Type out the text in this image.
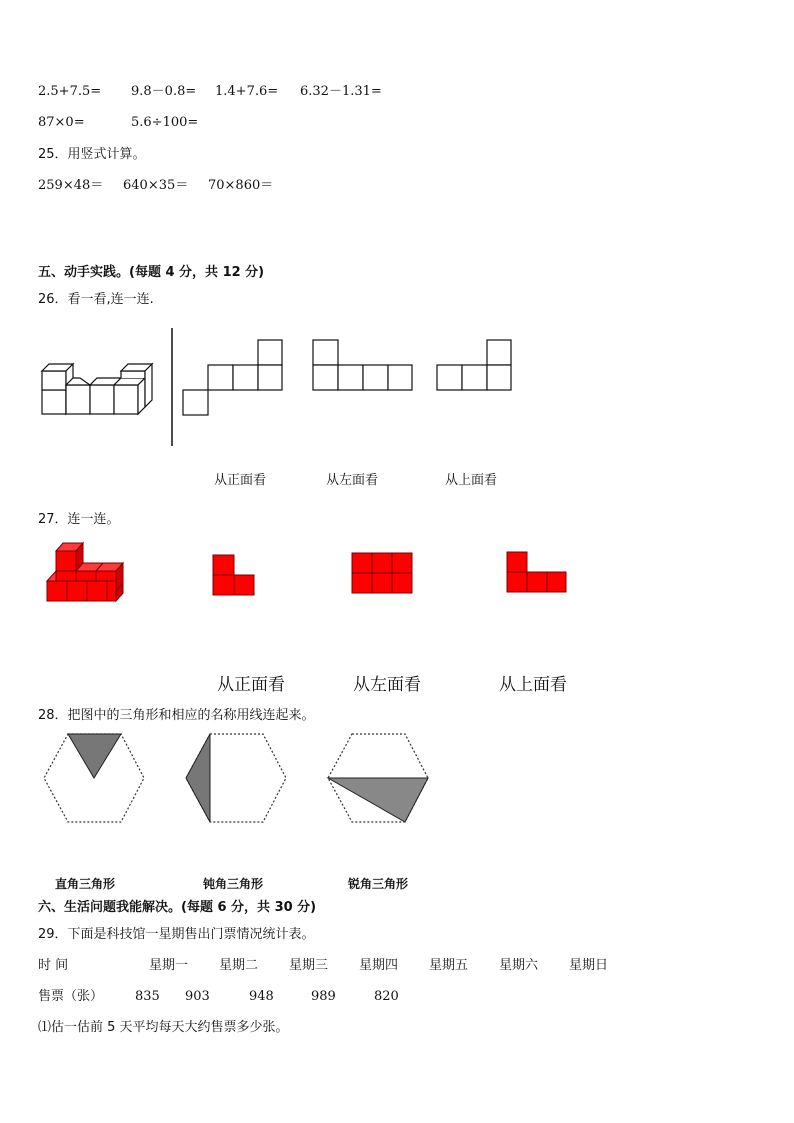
2.5+7.5= 9.8－0.8= 1.4+7.6= 6.32－1.31=
87×0=	5.6÷100=
25．用竖式计算。
259×48＝ 640×35＝ 70×860＝
五、动手实践。(每题 4 分，共 12 分)
26．看一看,连一连.
从正面看	从左面看	从上面看
27．连一连。
从正面看	从左面看	从上面看
28．把图中的三角形和相应的名称用线连起来。
直角三角形	钝角三角形	锐角三角形
六、生活问题我能解决。(每题 6 分，共 30 分)
29．下面是科技馆一星期售出门票情况统计表。
时 间	星期一 星期二 星期三 星期四 星期五 星期六 星期日
售票（张） 835 903	948	989	820
⑴估一估前 5 天平均每天大约售票多少张。
